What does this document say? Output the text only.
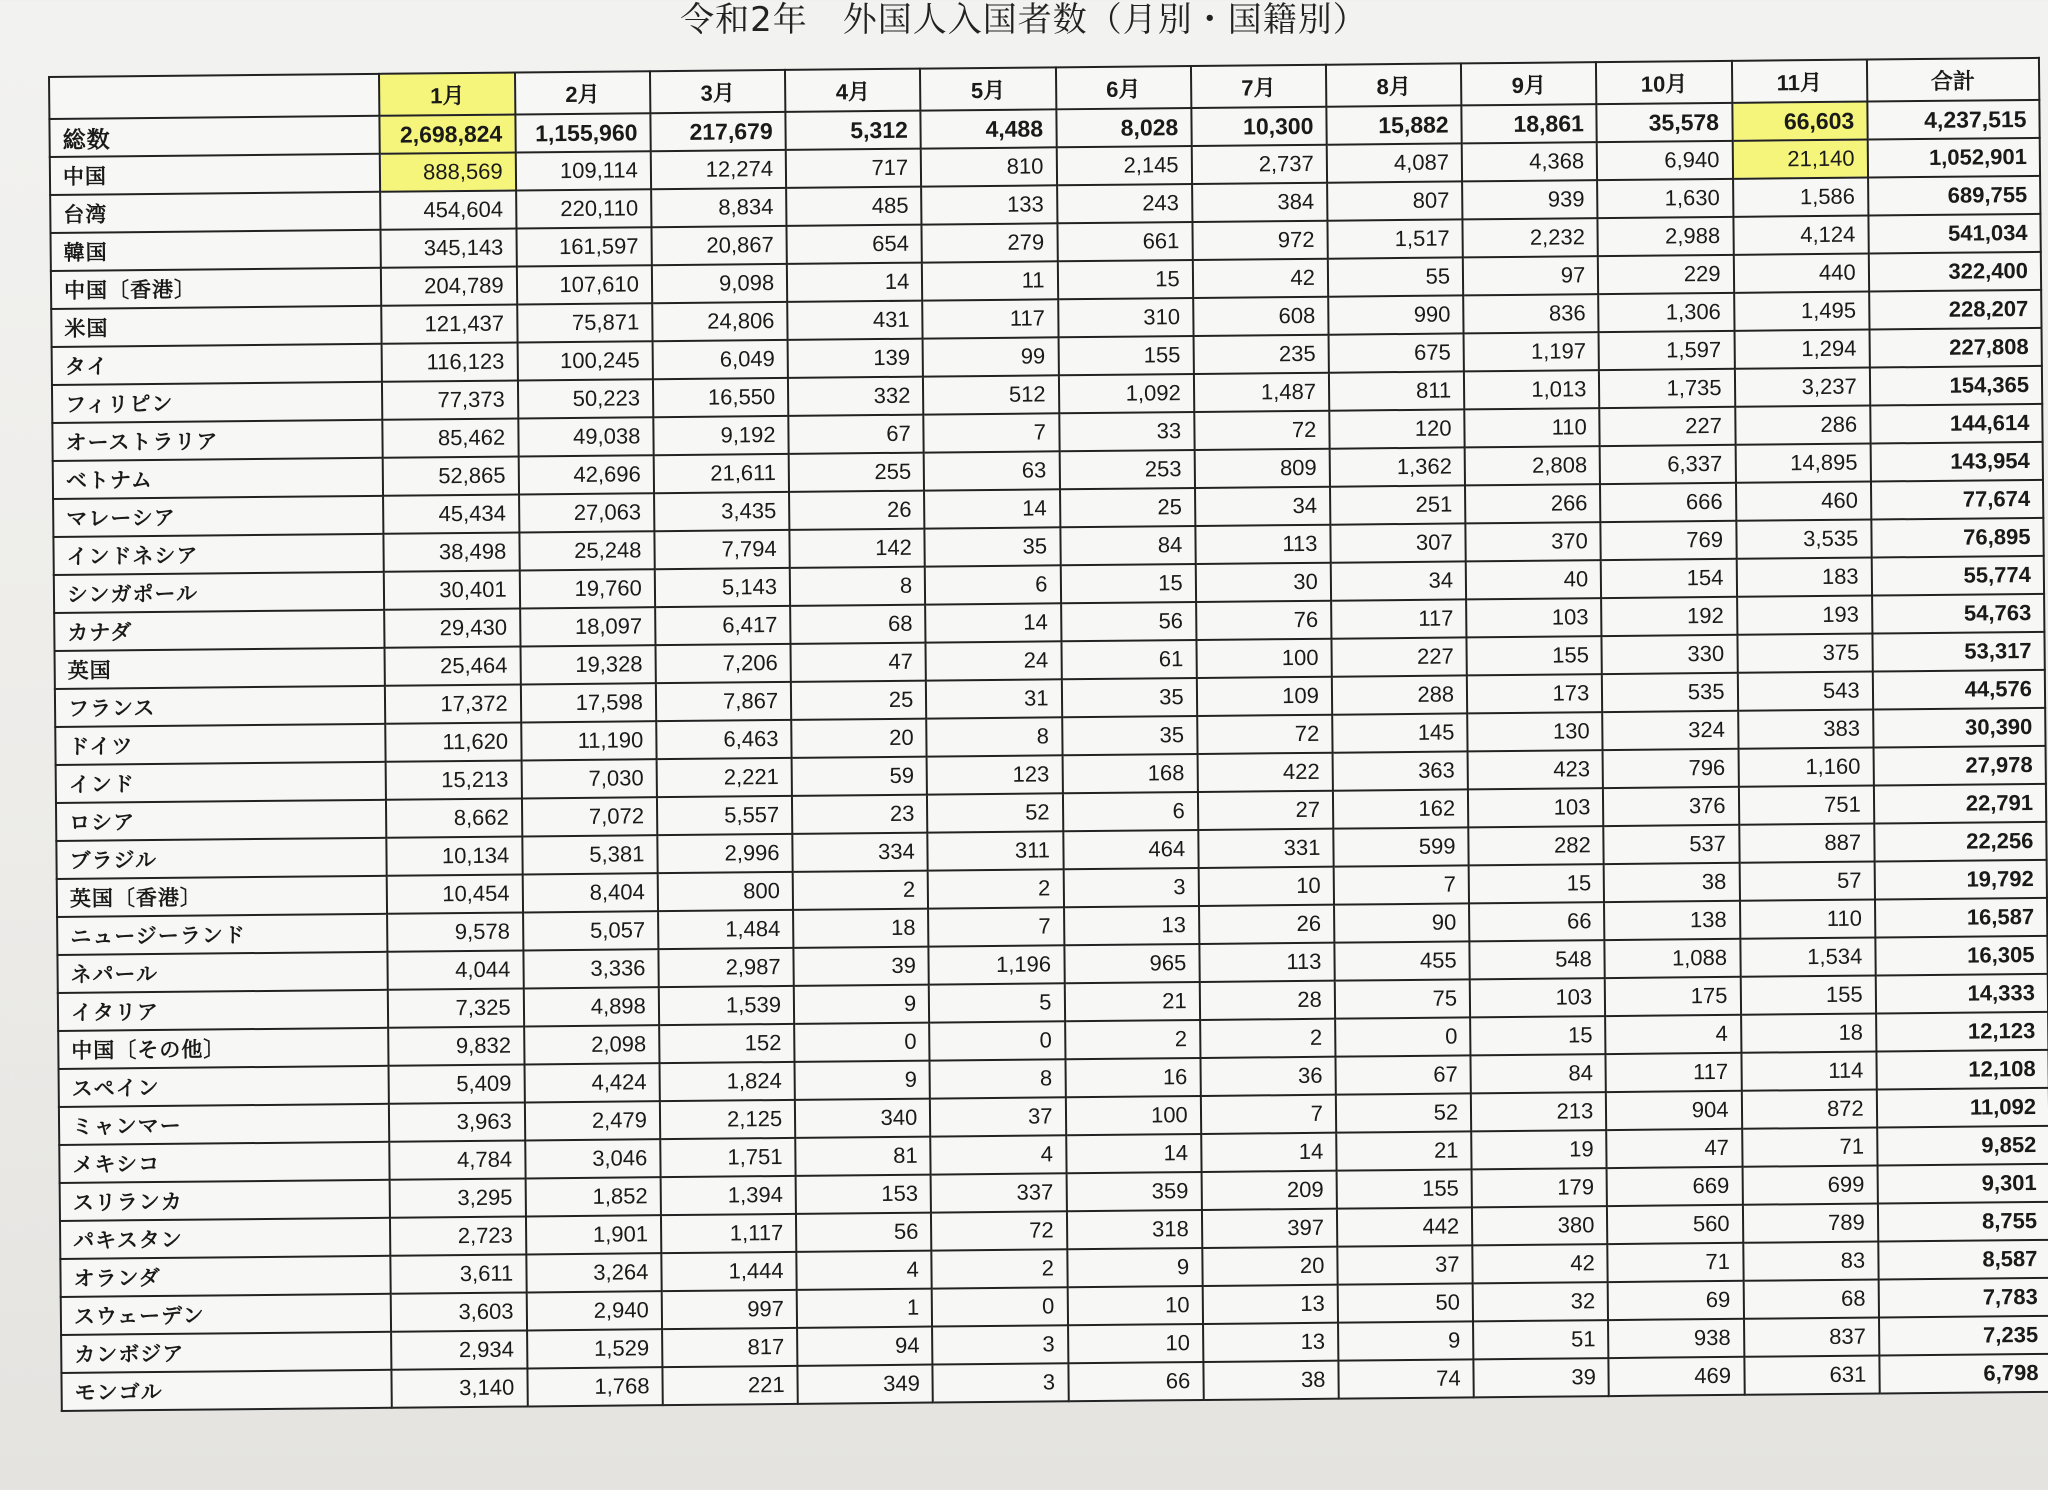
令和2年　外国人入国者数（月別・国籍別）
	1月	2月	3月	4月	5月	6月	7月	8月	9月	10月	11月	合計
総数	2,698,824	1,155,960	217,679	5,312	4,488	8,028	10,300	15,882	18,861	35,578	66,603	4,237,515
中国	888,569	109,114	12,274	717	810	2,145	2,737	4,087	4,368	6,940	21,140	1,052,901
台湾	454,604	220,110	8,834	485	133	243	384	807	939	1,630	1,586	689,755
韓国	345,143	161,597	20,867	654	279	661	972	1,517	2,232	2,988	4,124	541,034
中国〔香港〕	204,789	107,610	9,098	14	11	15	42	55	97	229	440	322,400
米国	121,437	75,871	24,806	431	117	310	608	990	836	1,306	1,495	228,207
タイ	116,123	100,245	6,049	139	99	155	235	675	1,197	1,597	1,294	227,808
フィリピン	77,373	50,223	16,550	332	512	1,092	1,487	811	1,013	1,735	3,237	154,365
オーストラリア	85,462	49,038	9,192	67	7	33	72	120	110	227	286	144,614
ベトナム	52,865	42,696	21,611	255	63	253	809	1,362	2,808	6,337	14,895	143,954
マレーシア	45,434	27,063	3,435	26	14	25	34	251	266	666	460	77,674
インドネシア	38,498	25,248	7,794	142	35	84	113	307	370	769	3,535	76,895
シンガポール	30,401	19,760	5,143	8	6	15	30	34	40	154	183	55,774
カナダ	29,430	18,097	6,417	68	14	56	76	117	103	192	193	54,763
英国	25,464	19,328	7,206	47	24	61	100	227	155	330	375	53,317
フランス	17,372	17,598	7,867	25	31	35	109	288	173	535	543	44,576
ドイツ	11,620	11,190	6,463	20	8	35	72	145	130	324	383	30,390
インド	15,213	7,030	2,221	59	123	168	422	363	423	796	1,160	27,978
ロシア	8,662	7,072	5,557	23	52	6	27	162	103	376	751	22,791
ブラジル	10,134	5,381	2,996	334	311	464	331	599	282	537	887	22,256
英国〔香港〕	10,454	8,404	800	2	2	3	10	7	15	38	57	19,792
ニュージーランド	9,578	5,057	1,484	18	7	13	26	90	66	138	110	16,587
ネパール	4,044	3,336	2,987	39	1,196	965	113	455	548	1,088	1,534	16,305
イタリア	7,325	4,898	1,539	9	5	21	28	75	103	175	155	14,333
中国〔その他〕	9,832	2,098	152	0	0	2	2	0	15	4	18	12,123
スペイン	5,409	4,424	1,824	9	8	16	36	67	84	117	114	12,108
ミャンマー	3,963	2,479	2,125	340	37	100	7	52	213	904	872	11,092
メキシコ	4,784	3,046	1,751	81	4	14	14	21	19	47	71	9,852
スリランカ	3,295	1,852	1,394	153	337	359	209	155	179	669	699	9,301
パキスタン	2,723	1,901	1,117	56	72	318	397	442	380	560	789	8,755
オランダ	3,611	3,264	1,444	4	2	9	20	37	42	71	83	8,587
スウェーデン	3,603	2,940	997	1	0	10	13	50	32	69	68	7,783
カンボジア	2,934	1,529	817	94	3	10	13	9	51	938	837	7,235
モンゴル	3,140	1,768	221	349	3	66	38	74	39	469	631	6,798
